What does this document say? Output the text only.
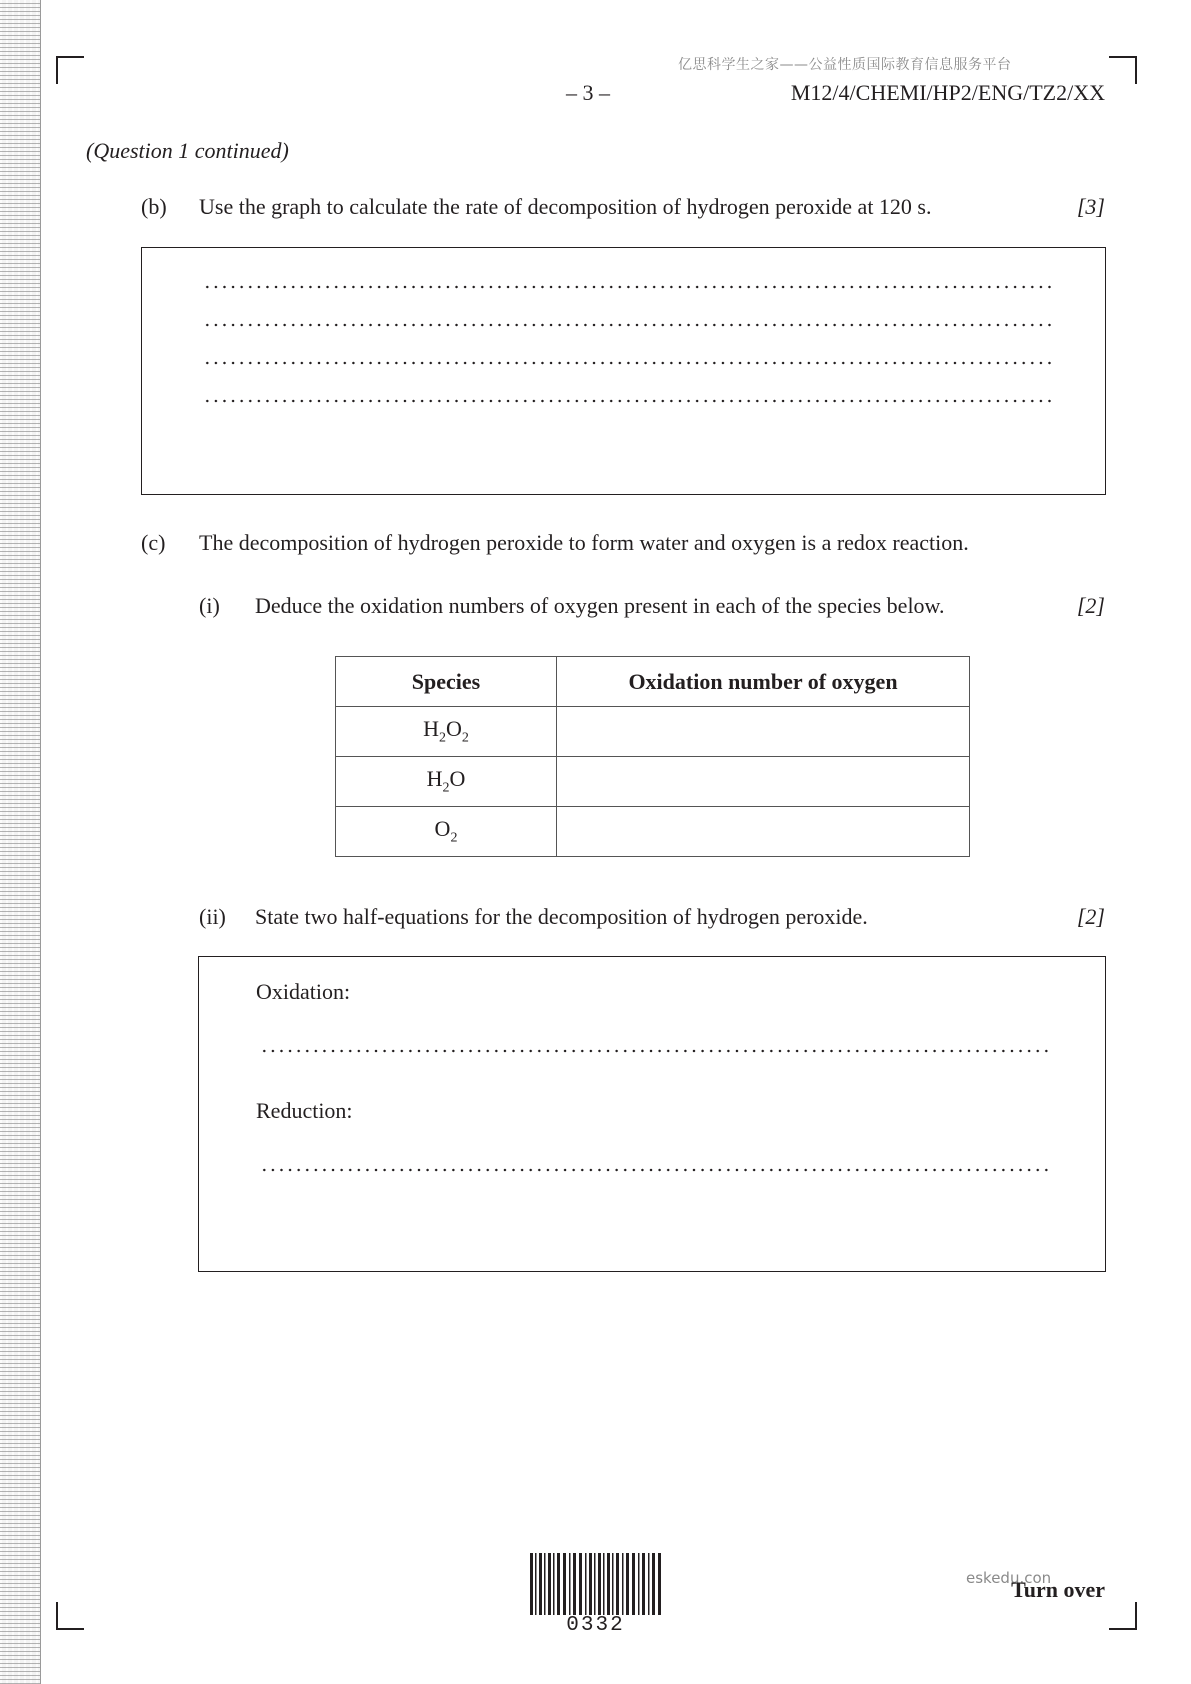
亿思科学生之家——公益性质国际教育信息服务平台
– 3 –	M12/4/CHEMI/HP2/ENG/TZ2/XX
(Question 1 continued)
(b) Use the graph to calculate the rate of decomposition of hydrogen peroxide at 120 s.	[3]
(c) The decomposition of hydrogen peroxide to form water and oxygen is a redox reaction.
(i) Deduce the oxidation numbers of oxygen present in each of the species below.	[2]
Species	Oxidation number of oxygen
$H_2O_2$	
$H_2O$	
$O_2$	
(ii) State two half-equations for the decomposition of hydrogen peroxide.	[2]
Oxidation:
Reduction:
0332
eskedu.con
Turn over
